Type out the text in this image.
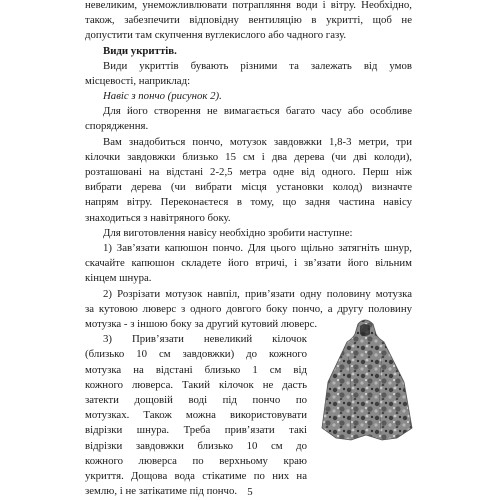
невеликим, унеможливлювати потрапляння води і вітру. Необхідно,
також, забезпечити відповідну вентиляцію в укритті, щоб не
допустити там скупчення вуглекислого або чадного газу.
Види укриттів.
Види укриттів бувають різними та залежать від умов
місцевості, наприклад:
Навіс з пончо (рисунок 2).
Для його створення не вимагається багато часу або особливе
спорядження.
Вам знадобиться пончо, мотузок завдовжки 1,8-3 метри, три
кілочки завдовжки близько 15 см і два дерева (чи дві колоди),
розташовані на відстані 2-2,5 метра одне від одного. Перш ніж
вибрати дерева (чи вибрати місця установки колод) визначте
напрям вітру. Переконаєтеся в тому, що задня частина навісу
знаходиться з навітряного боку.
Для виготовлення навісу необхідно зробити наступне:
1) Зав’язати капюшон пончо. Для цього щільно затягніть шнур,
скачайте капюшон складете його втричі, і зв’язати його вільним
кінцем шнура.
2) Розрізати мотузок навпіл, прив’язати одну половину мотузка
за кутовою люверс з одного довгого боку пончо, а другу половину
мотузка - з іншою боку за другий кутовий люверс.
3) Прив’язати невеликий кілочок
(близько 10 см завдовжки) до кожного
мотузка на відстані близько 1 см від
кожного люверса. Такий кілочок не дасть
затекти дощовій воді під пончо по
мотузках. Також можна використовувати
відрізки шнура. Треба прив’язати такі
відрізки завдовжки близько 10 см до
кожного люверса по верхньому краю
укриття. Дощова вода стікатиме по них на
землю, і не затікатиме під пончо. 5
